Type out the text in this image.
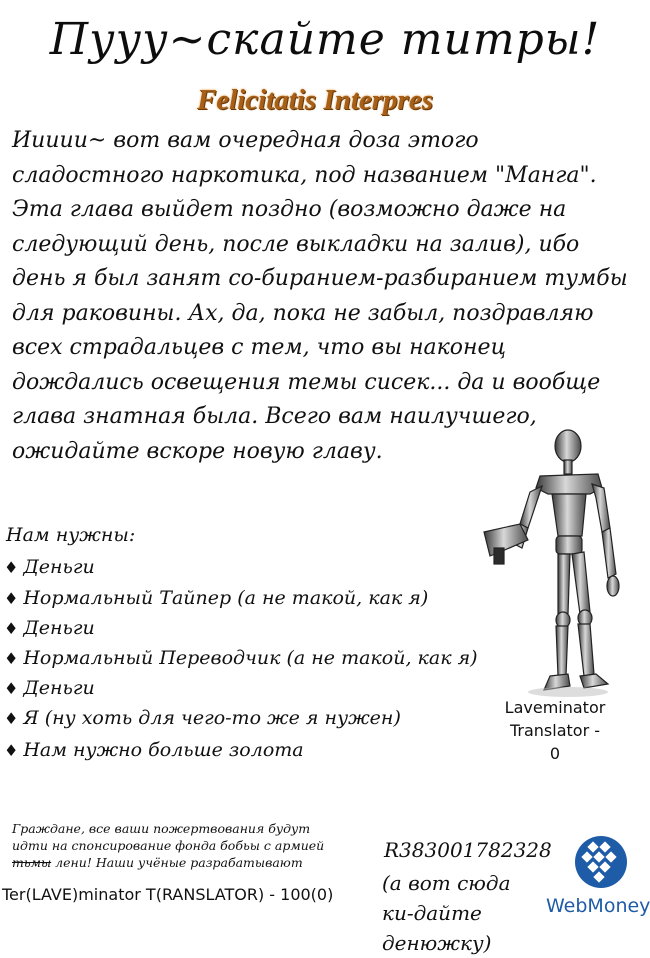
Пууу~скайте титры!
Felicitatis Interpres
Иииии~ вот вам очередная доза этого сладостного наркотика, под названием "Манга". Эта глава выйдет поздно (возможно даже на следующий день, после выкладки на залив), ибо день я был занят со-биранием-разбиранием тумбы для раковины. Ах, да, пока не забыл, поздравляю всех страдальцев с тем, что вы наконец дождались освещения темы сисек... да и вообще глава знатная была. Всего вам наилучшего, ожидайте вскоре новую главу.
Нам нужны:
♦ Деньги
♦ Нормальный Тайпер (а не такой, как я)
♦ Деньги
♦ Нормальный Переводчик (а не такой, как я)
♦ Деньги
♦ Я (ну хоть для чего-то же я нужен)
♦ Нам нужно больше золота
Laveminator
Translator -
0
Граждане, все ваши пожертвования будут идти на спонсирование фонда бобьы с армией тьмы лени! Наши учёные разрабатывают
Ter(LAVE)minator T(RANSLATOR) - 100(0)
R383001782328
(а вот сюда ки-дайте денюжку)
WebMoney
